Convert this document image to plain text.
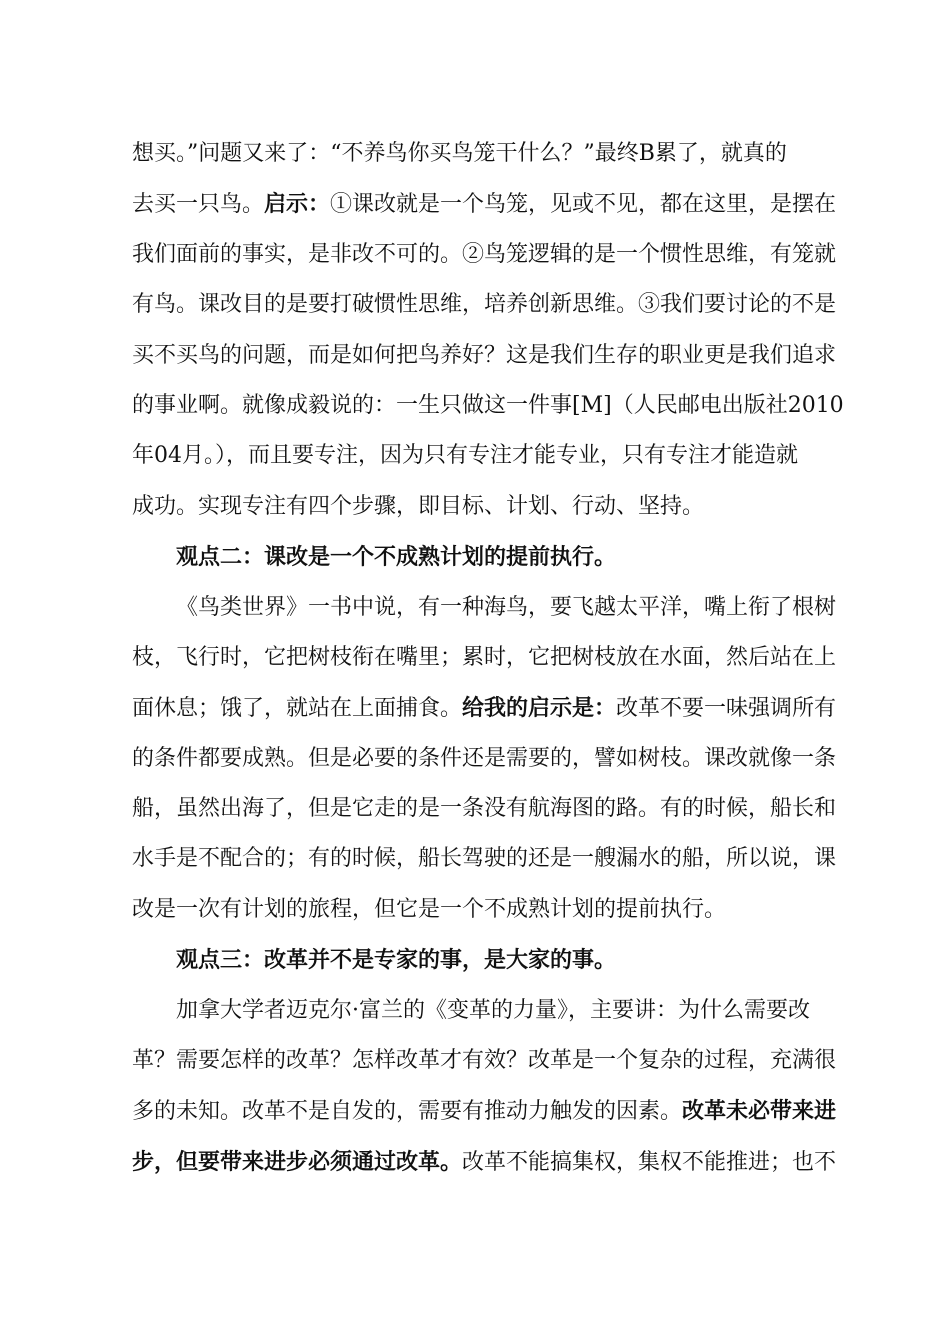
想买。”问题又来了：“不养鸟你买鸟笼干什么？”最终B累了，就真的
去买一只鸟。启示：①课改就是一个鸟笼，见或不见，都在这里，是摆在
我们面前的事实，是非改不可的。②鸟笼逻辑的是一个惯性思维，有笼就
有鸟。课改目的是要打破惯性思维，培养创新思维。③我们要讨论的不是
买不买鸟的问题，而是如何把鸟养好？这是我们生存的职业更是我们追求
的事业啊。就像成毅说的：一生只做这一件事[M]（人民邮电出版社2010
年04月。），而且要专注，因为只有专注才能专业，只有专注才能造就
成功。实现专注有四个步骤，即目标、计划、行动、坚持。
观点二：课改是一个不成熟计划的提前执行。
《鸟类世界》一书中说，有一种海鸟，要飞越太平洋，嘴上衔了根树
枝，飞行时，它把树枝衔在嘴里；累时，它把树枝放在水面，然后站在上
面休息；饿了，就站在上面捕食。给我的启示是：改革不要一味强调所有
的条件都要成熟。但是必要的条件还是需要的，譬如树枝。课改就像一条
船，虽然出海了，但是它走的是一条没有航海图的路。有的时候，船长和
水手是不配合的；有的时候，船长驾驶的还是一艘漏水的船，所以说，课
改是一次有计划的旅程，但它是一个不成熟计划的提前执行。
观点三：改革并不是专家的事，是大家的事。
加拿大学者迈克尔·富兰的《变革的力量》，主要讲：为什么需要改
革？需要怎样的改革？怎样改革才有效？改革是一个复杂的过程，充满很
多的未知。改革不是自发的，需要有推动力触发的因素。改革未必带来进
步，但要带来进步必须通过改革。改革不能搞集权，集权不能推进；也不
